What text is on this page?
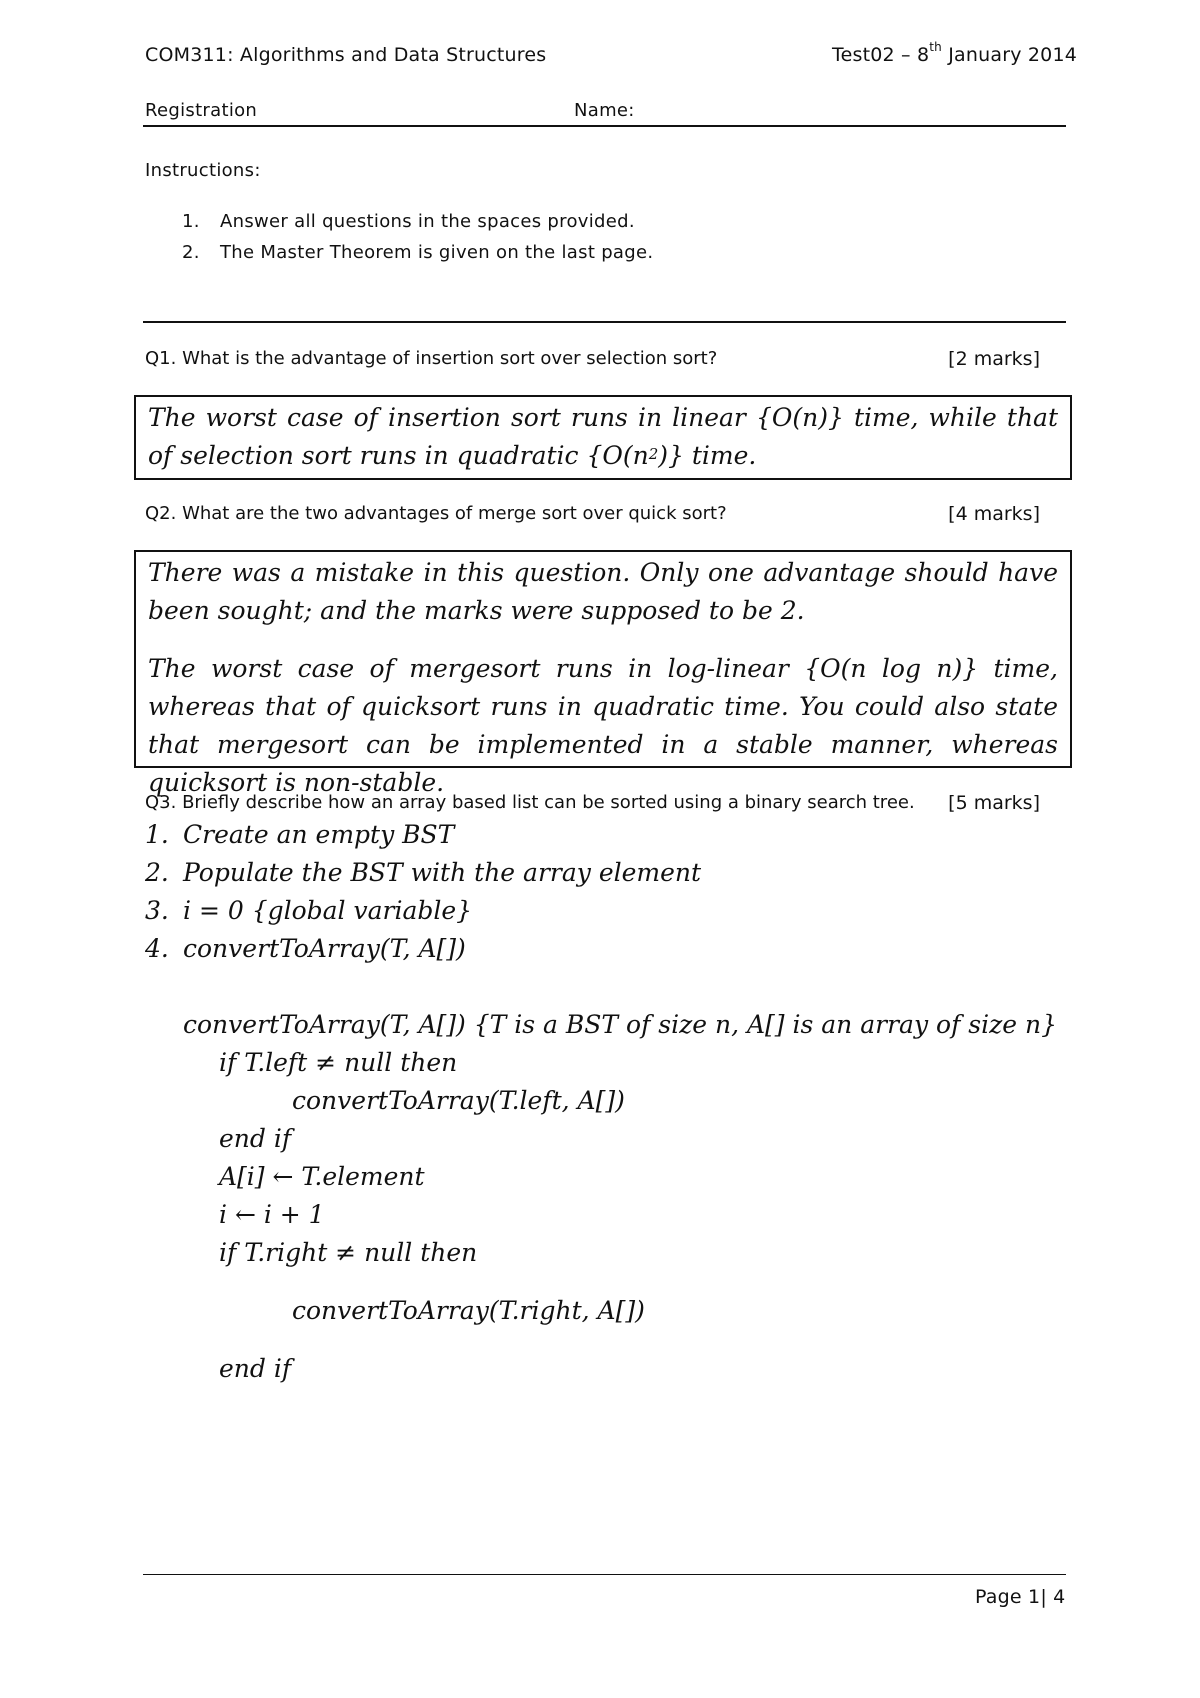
COM311: Algorithms and Data Structures	Test02 – 8th January 2014
Registration	Name:
Instructions:
1. Answer all questions in the spaces provided.
2. The Master Theorem is given on the last page.
Q1. What is the advantage of insertion sort over selection sort?	[2 marks]

The worst case of insertion sort runs in linear {O(n)} time, while that of selection sort runs in quadratic $\{O(n^2)\}$ time.

Q2. What are the two advantages of merge sort over quick sort?	[4 marks]

There was a mistake in this question. Only one advantage should have been sought; and the marks were supposed to be 2.

The worst case of mergesort runs in log-linear {O(n log n)} time, whereas that of quicksort runs in quadratic time. You could also state that mergesort can be implemented in a stable manner, whereas quicksort is non-stable.

Q3. Briefly describe how an array based list can be sorted using a binary search tree. [5 marks]
1. Create an empty BST
2. Populate the BST with the array element
3. i = 0 {global variable}
4. convertToArray(T, A[])
convertToArray(T, A[]) {T is a BST of size n, A[] is an array of size n}
if T.left ≠ null then
convertToArray(T.left, A[])
end if
A[i] ← T.element
i ← i + 1
if T.right ≠ null then
convertToArray(T.right, A[])
end if
Page 1| 4
